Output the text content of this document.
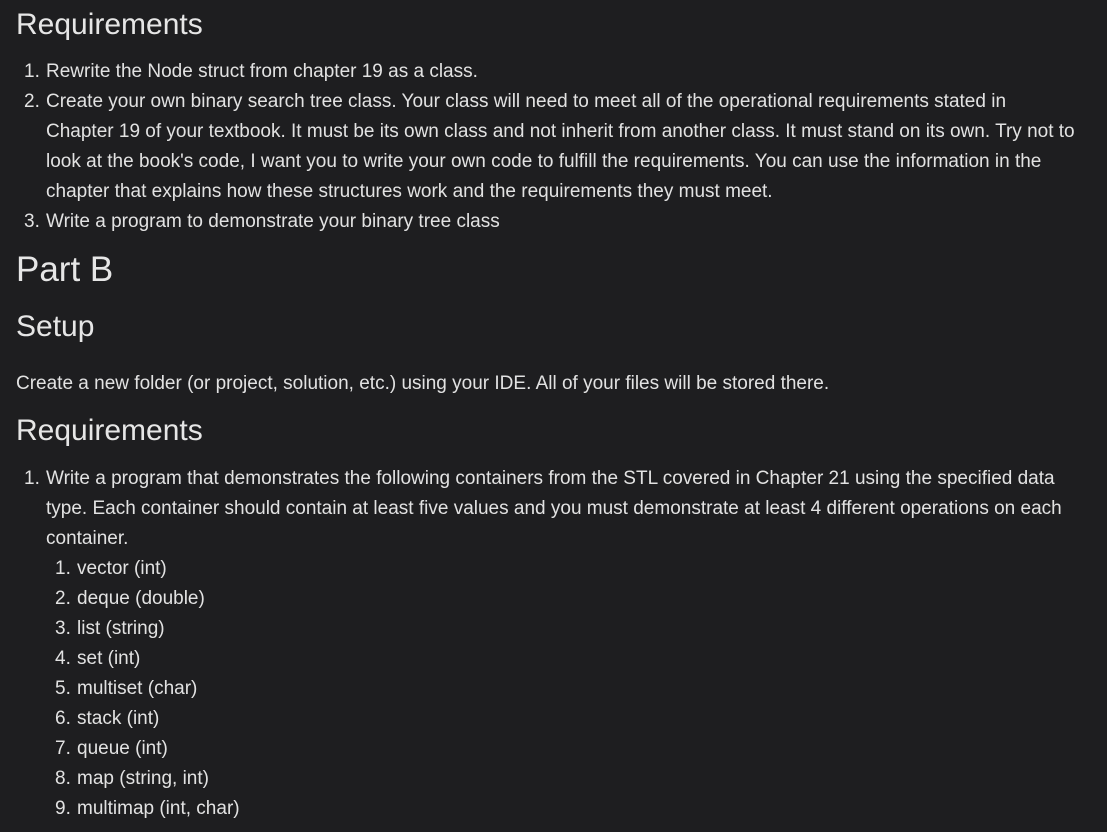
Requirements
1. Rewrite the Node struct from chapter 19 as a class.
2. Create your own binary search tree class. Your class will need to meet all of the operational requirements stated in Chapter 19 of your textbook. It must be its own class and not inherit from another class. It must stand on its own. Try not to look at the book's code, I want you to write your own code to fulfill the requirements. You can use the information in the chapter that explains how these structures work and the requirements they must meet.
3. Write a program to demonstrate your binary tree class
Part B
Setup

Create a new folder (or project, solution, etc.) using your IDE. All of your files will be stored there.

Requirements
1. Write a program that demonstrates the following containers from the STL covered in Chapter 21 using the specified data type. Each container should contain at least five values and you must demonstrate at least 4 different operations on each container.
1. vector (int)
2. deque (double)
3. list (string)
4. set (int)
5. multiset (char)
6. stack (int)
7. queue (int)
8. map (string, int)
9. multimap (int, char)
